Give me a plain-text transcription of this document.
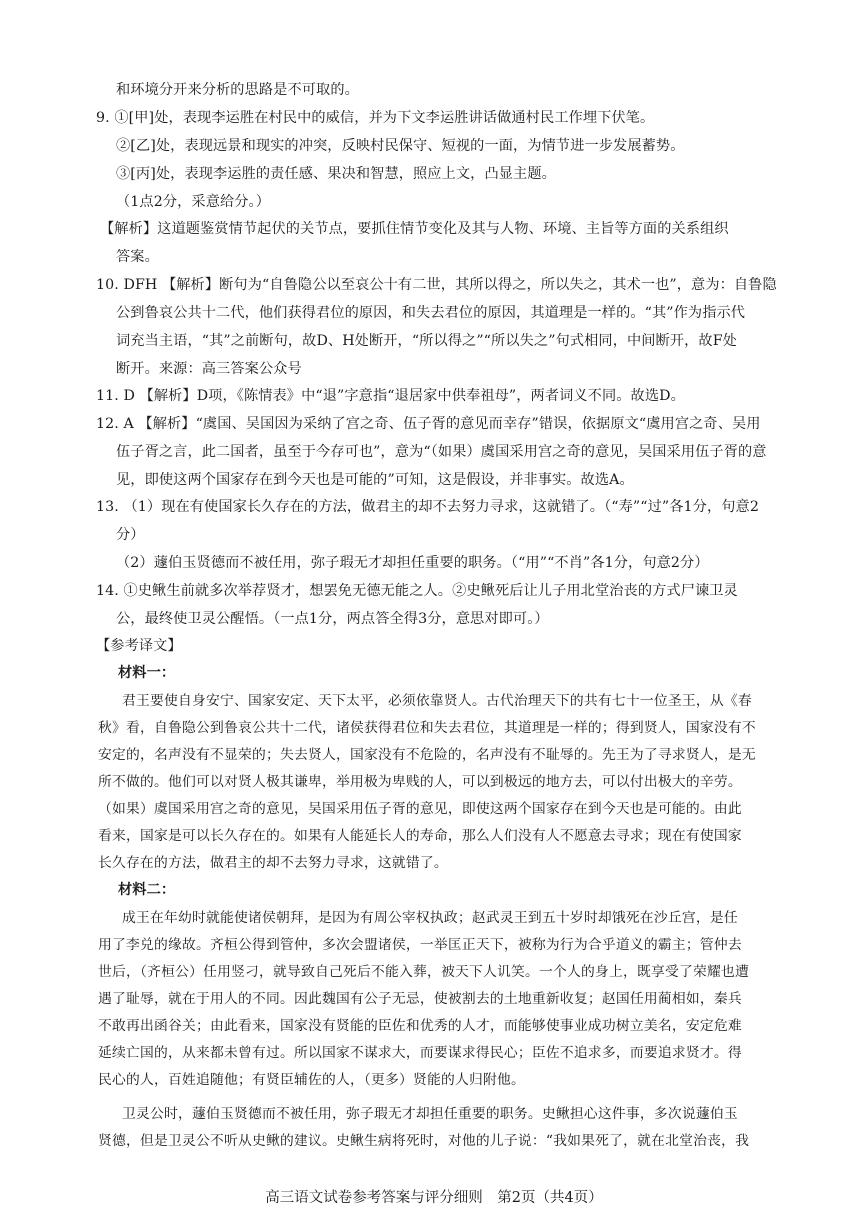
和环境分开来分析的思路是不可取的。
9. ①[甲]处，表现李运胜在村民中的威信，并为下文李运胜讲话做通村民工作埋下伏笔。
②[乙]处，表现远景和现实的冲突，反映村民保守、短视的一面，为情节进一步发展蓄势。
③[丙]处，表现李运胜的责任感、果决和智慧，照应上文，凸显主题。
（1点2分，采意给分。）
【解析】这道题鉴赏情节起伏的关节点，要抓住情节变化及其与人物、环境、主旨等方面的关系组织
答案。
10. DFH 【解析】断句为“自鲁隐公以至哀公十有二世，其所以得之，所以失之，其术一也”，意为：自鲁隐
公到鲁哀公共十二代，他们获得君位的原因，和失去君位的原因，其道理是一样的。“其”作为指示代
词充当主语，“其”之前断句，故D、H处断开，“所以得之”“所以失之”句式相同，中间断开，故F处
断开。来源：高三答案公众号
11. D 【解析】D项，《陈情表》中“退”字意指“退居家中供奉祖母”，两者词义不同。故选D。
12. A 【解析】“虞国、吴国因为采纳了宫之奇、伍子胥的意见而幸存”错误，依据原文“虞用宫之奇、吴用
伍子胥之言，此二国者，虽至于今存可也”，意为“（如果）虞国采用宫之奇的意见，吴国采用伍子胥的意
见，即使这两个国家存在到今天也是可能的”可知，这是假设，并非事实。故选A。
13. （1）现在有使国家长久存在的方法，做君主的却不去努力寻求，这就错了。（“寿”“过”各1分，句意2
分）
（2）蘧伯玉贤德而不被任用，弥子瑕无才却担任重要的职务。（“用”“不肖”各1分，句意2分）
14. ①史鳅生前就多次举荐贤才，想罢免无德无能之人。②史鳅死后让儿子用北堂治丧的方式尸谏卫灵
公，最终使卫灵公醒悟。（一点1分，两点答全得3分，意思对即可。）
【参考译文】
材料一：
君王要使自身安宁、国家安定、天下太平，必须依靠贤人。古代治理天下的共有七十一位圣王，从《春
秋》看，自鲁隐公到鲁哀公共十二代，诸侯获得君位和失去君位，其道理是一样的；得到贤人，国家没有不
安定的，名声没有不显荣的；失去贤人，国家没有不危险的，名声没有不耻辱的。先王为了寻求贤人，是无
所不做的。他们可以对贤人极其谦卑，举用极为卑贱的人，可以到极远的地方去，可以付出极大的辛劳。
（如果）虞国采用宫之奇的意见，吴国采用伍子胥的意见，即使这两个国家存在到今天也是可能的。由此
看来，国家是可以长久存在的。如果有人能延长人的寿命，那么人们没有人不愿意去寻求；现在有使国家
长久存在的方法，做君主的却不去努力寻求，这就错了。
材料二：
成王在年幼时就能使诸侯朝拜，是因为有周公宰权执政；赵武灵王到五十岁时却饿死在沙丘宫，是任
用了李兑的缘故。齐桓公得到管仲，多次会盟诸侯，一举匡正天下，被称为行为合乎道义的霸主；管仲去
世后，（齐桓公）任用竖刁，就导致自己死后不能入葬，被天下人讥笑。一个人的身上，既享受了荣耀也遭
遇了耻辱，就在于用人的不同。因此魏国有公子无忌，使被割去的土地重新收复；赵国任用蔺相如，秦兵
不敢再出函谷关；由此看来，国家没有贤能的臣佐和优秀的人才，而能够使事业成功树立美名，安定危难
延续亡国的，从来都未曾有过。所以国家不谋求大，而要谋求得民心；臣佐不追求多，而要追求贤才。得
民心的人，百姓追随他；有贤臣辅佐的人，（更多）贤能的人归附他。
卫灵公时，蘧伯玉贤德而不被任用，弥子瑕无才却担任重要的职务。史鳅担心这件事，多次说蘧伯玉
贤德，但是卫灵公不听从史鳅的建议。史鳅生病将死时，对他的儿子说：“我如果死了，就在北堂治丧，我
高三语文试卷参考答案与评分细则　第2页（共4页）
